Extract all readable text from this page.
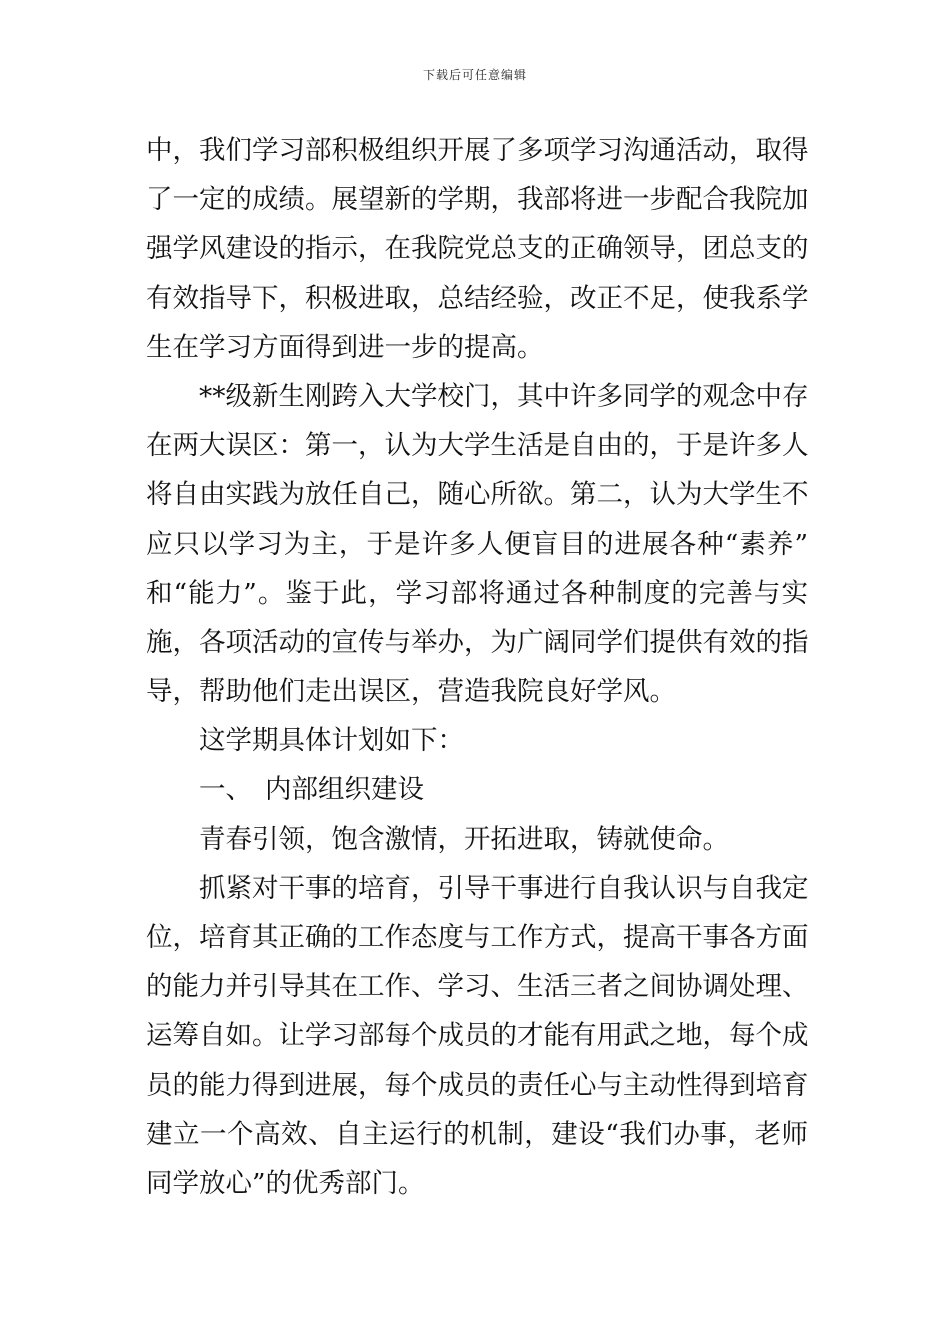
下载后可任意编辑
中，我们学习部积极组织开展了多项学习沟通活动，取得
了一定的成绩。展望新的学期，我部将进一步配合我院加
强学风建设的指示，在我院党总支的正确领导，团总支的
有效指导下，积极进取，总结经验，改正不足，使我系学
生在学习方面得到进一步的提高。
**级新生刚跨入大学校门，其中许多同学的观念中存
在两大误区：第一，认为大学生活是自由的，于是许多人
将自由实践为放任自己，随心所欲。第二，认为大学生不
应只以学习为主，于是许多人便盲目的进展各种“素养”
和“能力”。鉴于此，学习部将通过各种制度的完善与实
施，各项活动的宣传与举办，为广阔同学们提供有效的指
导，帮助他们走出误区，营造我院良好学风。
这学期具体计划如下：
一、 内部组织建设
青春引领，饱含激情，开拓进取，铸就使命。
抓紧对干事的培育，引导干事进行自我认识与自我定
位，培育其正确的工作态度与工作方式，提高干事各方面
的能力并引导其在工作、学习、生活三者之间协调处理、
运筹自如。让学习部每个成员的才能有用武之地，每个成
员的能力得到进展，每个成员的责任心与主动性得到培育
建立一个高效、自主运行的机制，建设“我们办事，老师
同学放心”的优秀部门。
